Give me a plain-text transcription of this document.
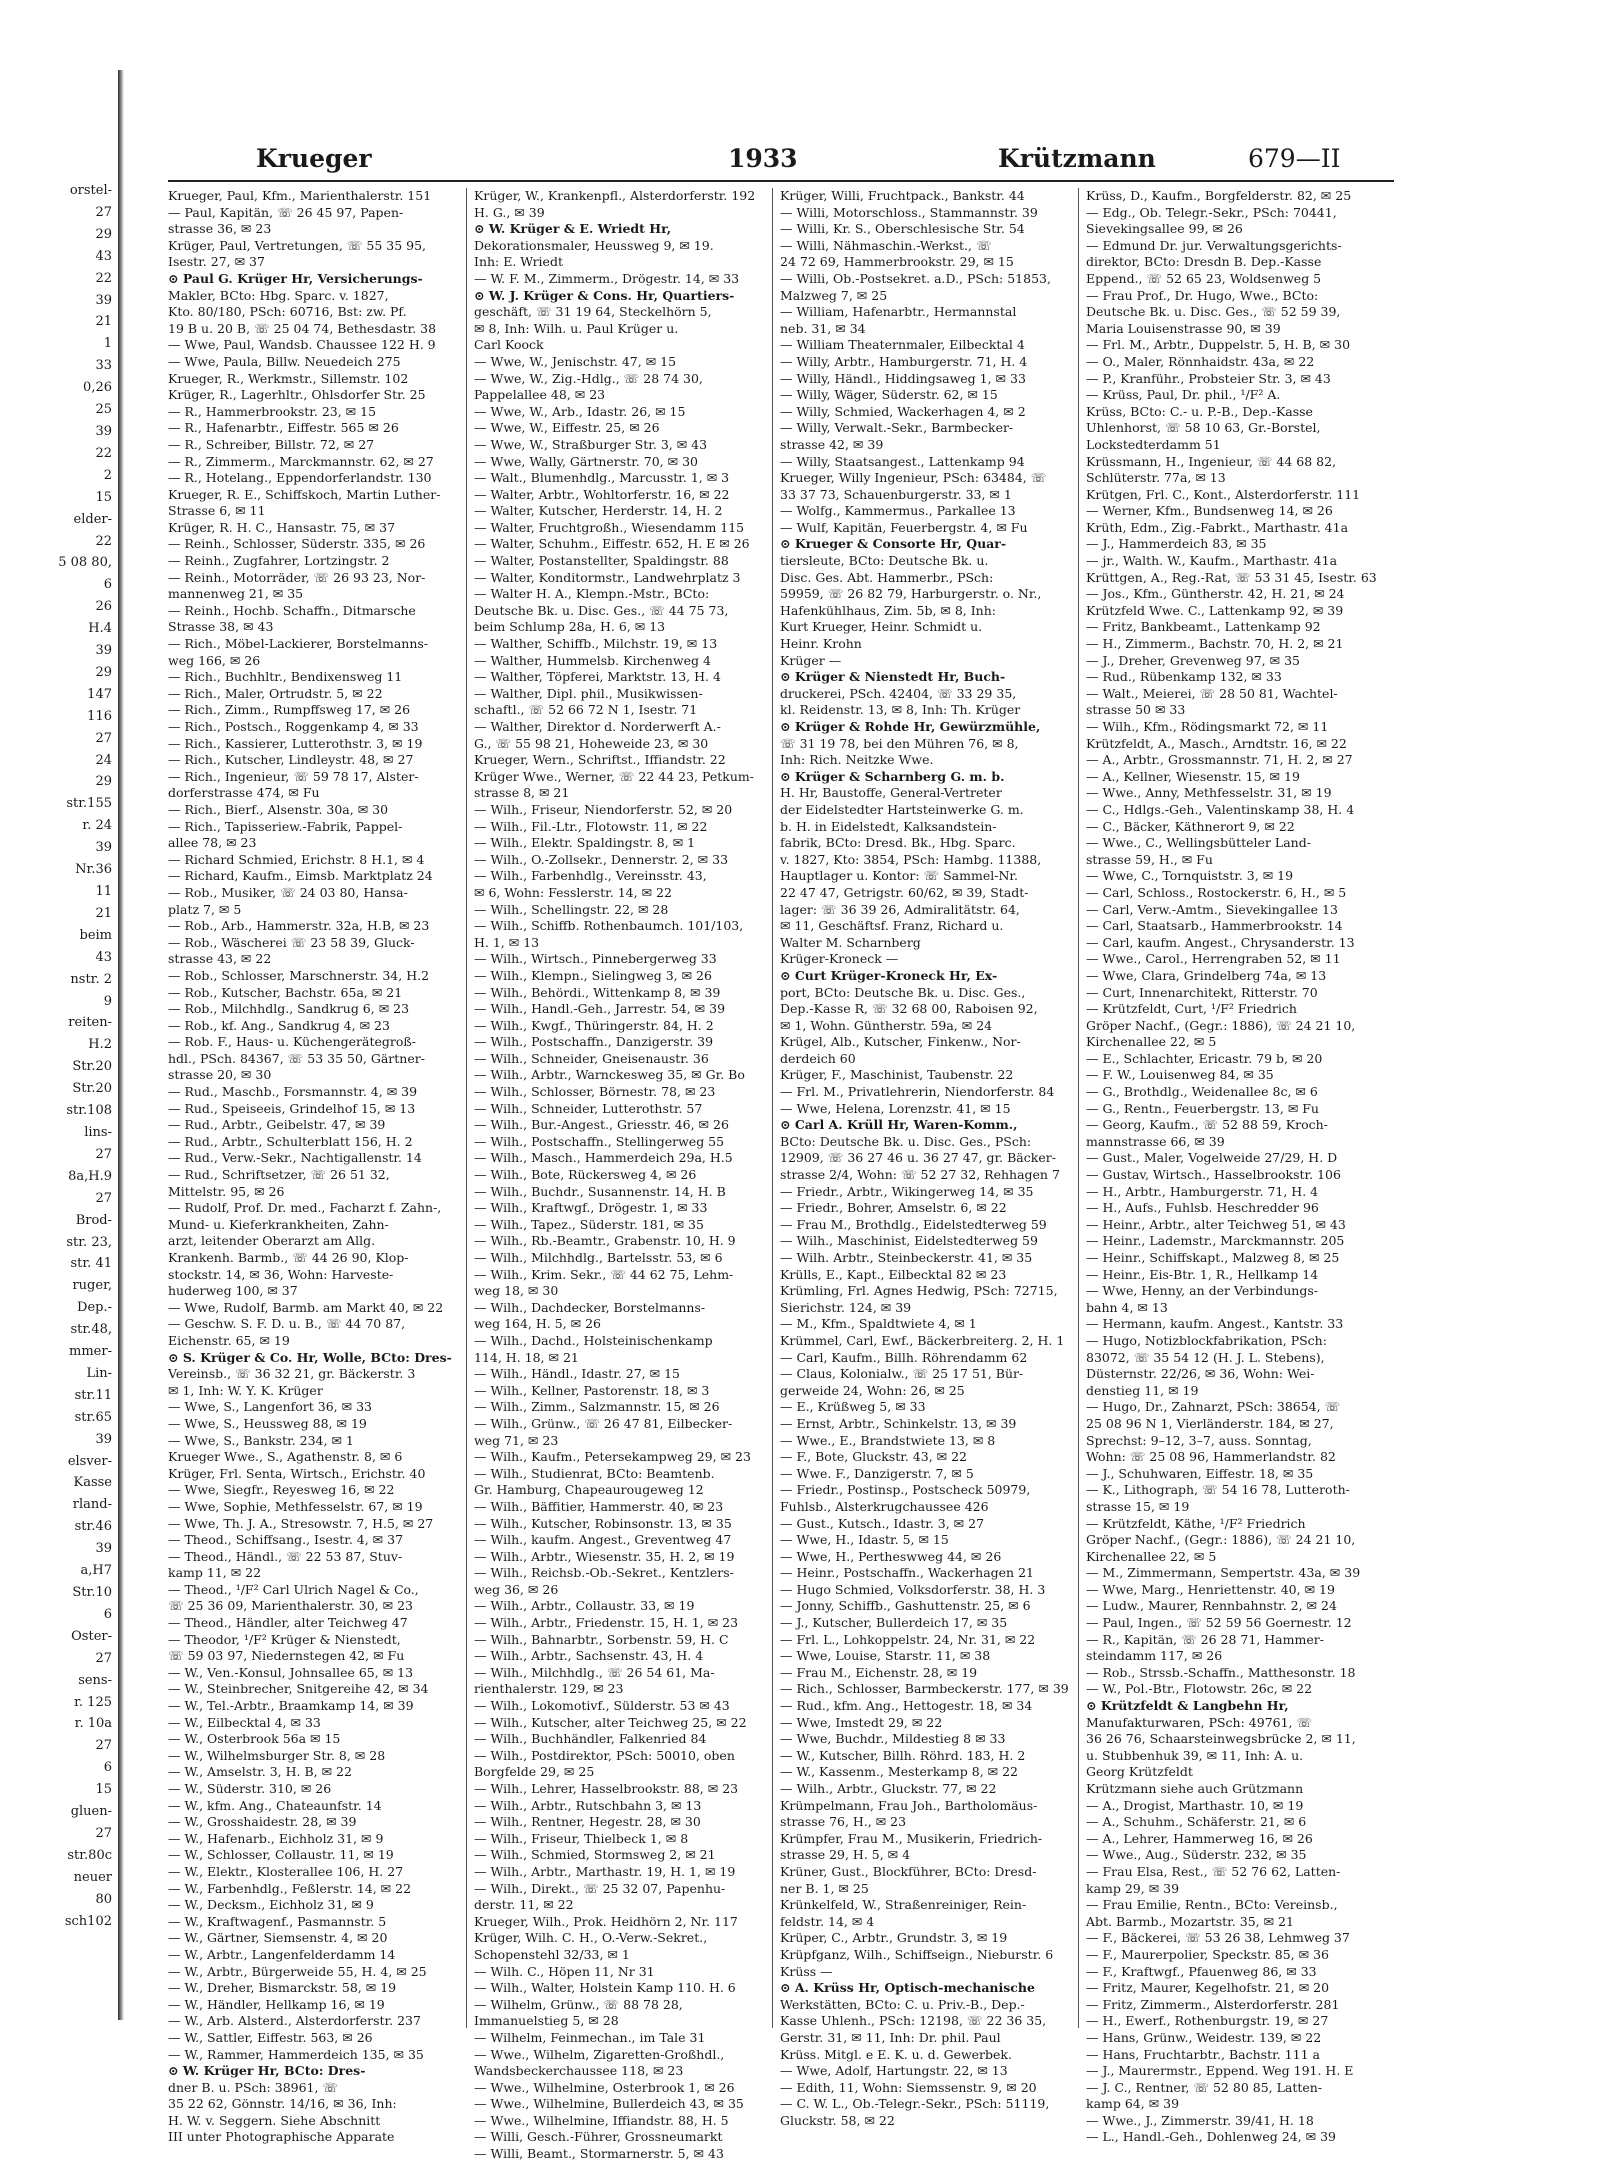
orstel-
27
29
43
22
39
21
1
33
0,26
25
39
22
2
15
elder-
22
5 08 80,
6
26
H.4
39
29
147
116
27
24
29
str.155
r. 24
39
Nr.36
11
21
beim
43
nstr. 2
9
reiten-
H.2
Str.20
Str.20
str.108
lins-
27
8a,H.9
27
Brod-
str. 23,
str. 41
ruger,
Dep.-
str.48,
mmer-
Lin-
str.11
str.65
39
elsver-
Kasse
rland-
str.46
39
a,H7
Str.10
6
Oster-
27
sens-
r. 125
r. 10a
27
6
15
gluen-
27
str.80c
neuer
80
sch102
Krueger	1933	Krützmann	679—II
Krueger, Paul, Kfm., Marienthalerstr. 151
— Paul, Kapitän, ☏ 26 45 97, Papen-
strasse 36, ✉ 23
Krüger, Paul, Vertretungen, ☏ 55 35 95,
Isestr. 27, ✉ 37
⊙ Paul G. Krüger Hr, Versicherungs-
Makler, BCto: Hbg. Sparc. v. 1827,
Kto. 80/180, PSch: 60716, Bst: zw. Pf.
19 B u. 20 B, ☏ 25 04 74, Bethesdastr. 38
— Wwe, Paul, Wandsb. Chaussee 122 H. 9
— Wwe, Paula, Billw. Neuedeich 275
Krueger, R., Werkmstr., Sillemstr. 102
Krüger, R., Lagerhltr., Ohlsdorfer Str. 25
— R., Hammerbrookstr. 23, ✉ 15
— R., Hafenarbtr., Eiffestr. 565 ✉ 26
— R., Schreiber, Billstr. 72, ✉ 27
— R., Zimmerm., Marckmannstr. 62, ✉ 27
— R., Hotelang., Eppendorferlandstr. 130
Krueger, R. E., Schiffskoch, Martin Luther-
Strasse 6, ✉ 11
Krüger, R. H. C., Hansastr. 75, ✉ 37
— Reinh., Schlosser, Süderstr. 335, ✉ 26
— Reinh., Zugfahrer, Lortzingstr. 2
— Reinh., Motorräder, ☏ 26 93 23, Nor-
mannenweg 21, ✉ 35
— Reinh., Hochb. Schaffn., Ditmarsche
Strasse 38, ✉ 43
— Rich., Möbel-Lackierer, Borstelmanns-
weg 166, ✉ 26
— Rich., Buchhltr., Bendixensweg 11
— Rich., Maler, Ortrudstr. 5, ✉ 22
— Rich., Zimm., Rumpffsweg 17, ✉ 26
— Rich., Postsch., Roggenkamp 4, ✉ 33
— Rich., Kassierer, Lutterothstr. 3, ✉ 19
— Rich., Kutscher, Lindleystr. 48, ✉ 27
— Rich., Ingenieur, ☏ 59 78 17, Alster-
dorferstrasse 474, ✉ Fu
— Rich., Bierf., Alsenstr. 30a, ✉ 30
— Rich., Tapisseriew.-Fabrik, Pappel-
allee 78, ✉ 23
— Richard Schmied, Erichstr. 8 H.1, ✉ 4
— Richard, Kaufm., Eimsb. Marktplatz 24
— Rob., Musiker, ☏ 24 03 80, Hansa-
platz 7, ✉ 5
— Rob., Arb., Hammerstr. 32a, H.B, ✉ 23
— Rob., Wäscherei ☏ 23 58 39, Gluck-
strasse 43, ✉ 22
— Rob., Schlosser, Marschnerstr. 34, H.2
— Rob., Kutscher, Bachstr. 65a, ✉ 21
— Rob., Milchhdlg., Sandkrug 6, ✉ 23
— Rob., kf. Ang., Sandkrug 4, ✉ 23
— Rob. F., Haus- u. Küchengerätegroß-
hdl., PSch. 84367, ☏ 53 35 50, Gärtner-
strasse 20, ✉ 30
— Rud., Maschb., Forsmannstr. 4, ✉ 39
— Rud., Speiseeis, Grindelhof 15, ✉ 13
— Rud., Arbtr., Geibelstr. 47, ✉ 39
— Rud., Arbtr., Schulterblatt 156, H. 2
— Rud., Verw.-Sekr., Nachtigallenstr. 14
— Rud., Schriftsetzer, ☏ 26 51 32,
Mittelstr. 95, ✉ 26
— Rudolf, Prof. Dr. med., Facharzt f. Zahn-,
Mund- u. Kieferkrankheiten, Zahn-
arzt, leitender Oberarzt am Allg.
Krankenh. Barmb., ☏ 44 26 90, Klop-
stockstr. 14, ✉ 36, Wohn: Harveste-
huderweg 100, ✉ 37
— Wwe, Rudolf, Barmb. am Markt 40, ✉ 22
— Geschw. S. F. D. u. B., ☏ 44 70 87,
Eichenstr. 65, ✉ 19
⊙ S. Krüger & Co. Hr, Wolle, BCto: Dres-
Vereinsb., ☏ 36 32 21, gr. Bäckerstr. 3
✉ 1, Inh: W. Y. K. Krüger
— Wwe, S., Langenfort 36, ✉ 33
— Wwe, S., Heussweg 88, ✉ 19
— Wwe, S., Bankstr. 234, ✉ 1
Krueger Wwe., S., Agathenstr. 8, ✉ 6
Krüger, Frl. Senta, Wirtsch., Erichstr. 40
— Wwe, Siegfr., Reyesweg 16, ✉ 22
— Wwe, Sophie, Methfesselstr. 67, ✉ 19
— Wwe, Th. J. A., Stresowstr. 7, H.5, ✉ 27
— Theod., Schiffsang., Isestr. 4, ✉ 37
— Theod., Händl., ☏ 22 53 87, Stuv-
kamp 11, ✉ 22
— Theod., ¹/F² Carl Ulrich Nagel & Co.,
☏ 25 36 09, Marienthalerstr. 30, ✉ 23
— Theod., Händler, alter Teichweg 47
— Theodor, ¹/F² Krüger & Nienstedt,
☏ 59 03 97, Niedernstegen 42, ✉ Fu
— W., Ven.-Konsul, Johnsallee 65, ✉ 13
— W., Steinbrecher, Snitgereihe 42, ✉ 34
— W., Tel.-Arbtr., Braamkamp 14, ✉ 39
— W., Eilbecktal 4, ✉ 33
— W., Osterbrook 56a ✉ 15
— W., Wilhelmsburger Str. 8, ✉ 28
— W., Amselstr. 3, H. B, ✉ 22
— W., Süderstr. 310, ✉ 26
— W., kfm. Ang., Chateaunfstr. 14
— W., Grosshaidestr. 28, ✉ 39
— W., Hafenarb., Eichholz 31, ✉ 9
— W., Schlosser, Collaustr. 11, ✉ 19
— W., Elektr., Klosterallee 106, H. 27
— W., Farbenhdlg., Feßlerstr. 14, ✉ 22
— W., Decksm., Eichholz 31, ✉ 9
— W., Kraftwagenf., Pasmannstr. 5
— W., Gärtner, Siemsenstr. 4, ✉ 20
— W., Arbtr., Langenfelderdamm 14
— W., Arbtr., Bürgerweide 55, H. 4, ✉ 25
— W., Dreher, Bismarckstr. 58, ✉ 19
— W., Händler, Hellkamp 16, ✉ 19
— W., Arb. Alsterd., Alsterdorferstr. 237
— W., Sattler, Eiffestr. 563, ✉ 26
— W., Rammer, Hammerdeich 135, ✉ 35
⊙ W. Krüger Hr, BCto: Dres-
dner B. u. PSch: 38961, ☏
35 22 62, Gönnstr. 14/16, ✉ 36, Inh:
H. W. v. Seggern. Siehe Abschnitt
III unter Photographische Apparate
Krüger, W., Krankenpfl., Alsterdorferstr. 192
H. G., ✉ 39
⊙ W. Krüger & E. Wriedt Hr,
Dekorationsmaler, Heussweg 9, ✉ 19.
Inh: E. Wriedt
— W. F. M., Zimmerm., Drögestr. 14, ✉ 33
⊙ W. J. Krüger & Cons. Hr, Quartiers-
geschäft, ☏ 31 19 64, Steckelhörn 5,
✉ 8, Inh: Wilh. u. Paul Krüger u.
Carl Koock
— Wwe, W., Jenischstr. 47, ✉ 15
— Wwe, W., Zig.-Hdlg., ☏ 28 74 30,
Pappelallee 48, ✉ 23
— Wwe, W., Arb., Idastr. 26, ✉ 15
— Wwe, W., Eiffestr. 25, ✉ 26
— Wwe, W., Straßburger Str. 3, ✉ 43
— Wwe, Wally, Gärtnerstr. 70, ✉ 30
— Walt., Blumenhdlg., Marcusstr. 1, ✉ 3
— Walter, Arbtr., Wohltorferstr. 16, ✉ 22
— Walter, Kutscher, Herderstr. 14, H. 2
— Walter, Fruchtgroßh., Wiesendamm 115
— Walter, Schuhm., Eiffestr. 652, H. E ✉ 26
— Walter, Postanstellter, Spaldingstr. 88
— Walter, Konditormstr., Landwehrplatz 3
— Walter H. A., Klempn.-Mstr., BCto:
Deutsche Bk. u. Disc. Ges., ☏ 44 75 73,
beim Schlump 28a, H. 6, ✉ 13
— Walther, Schiffb., Milchstr. 19, ✉ 13
— Walther, Hummelsb. Kirchenweg 4
— Walther, Töpferei, Marktstr. 13, H. 4
— Walther, Dipl. phil., Musikwissen-
schaftl., ☏ 52 66 72 N 1, Isestr. 71
— Walther, Direktor d. Norderwerft A.-
G., ☏ 55 98 21, Hoheweide 23, ✉ 30
Krueger, Wern., Schriftst., Iffiandstr. 22
Krüger Wwe., Werner, ☏ 22 44 23, Petkum-
strasse 8, ✉ 21
— Wilh., Friseur, Niendorferstr. 52, ✉ 20
— Wilh., Fil.-Ltr., Flotowstr. 11, ✉ 22
— Wilh., Elektr. Spaldingstr. 8, ✉ 1
— Wilh., O.-Zollsekr., Dennerstr. 2, ✉ 33
— Wilh., Farbenhdlg., Vereinsstr. 43,
✉ 6, Wohn: Fesslerstr. 14, ✉ 22
— Wilh., Schellingstr. 22, ✉ 28
— Wilh., Schiffb. Rothenbaumch. 101/103,
H. 1, ✉ 13
— Wilh., Wirtsch., Pinnebergerweg 33
— Wilh., Klempn., Sielingweg 3, ✉ 26
— Wilh., Behördi., Wittenkamp 8, ✉ 39
— Wilh., Handl.-Geh., Jarrestr. 54, ✉ 39
— Wilh., Kwgf., Thüringerstr. 84, H. 2
— Wilh., Postschaffn., Danzigerstr. 39
— Wilh., Schneider, Gneisenaustr. 36
— Wilh., Arbtr., Warnckesweg 35, ✉ Gr. Bo
— Wilh., Schlosser, Börnestr. 78, ✉ 23
— Wilh., Schneider, Lutterothstr. 57
— Wilh., Bur.-Angest., Griesstr. 46, ✉ 26
— Wilh., Postschaffn., Stellingerweg 55
— Wilh., Masch., Hammerdeich 29a, H.5
— Wilh., Bote, Rückersweg 4, ✉ 26
— Wilh., Buchdr., Susannenstr. 14, H. B
— Wilh., Kraftwgf., Drögestr. 1, ✉ 33
— Wilh., Tapez., Süderstr. 181, ✉ 35
— Wilh., Rb.-Beamtr., Grabenstr. 10, H. 9
— Wilh., Milchhdlg., Bartelsstr. 53, ✉ 6
— Wilh., Krim. Sekr., ☏ 44 62 75, Lehm-
weg 18, ✉ 30
— Wilh., Dachdecker, Borstelmanns-
weg 164, H. 5, ✉ 26
— Wilh., Dachd., Holsteinischenkamp
114, H. 18, ✉ 21
— Wilh., Händl., Idastr. 27, ✉ 15
— Wilh., Kellner, Pastorenstr. 18, ✉ 3
— Wilh., Zimm., Salzmannstr. 15, ✉ 26
— Wilh., Grünw., ☏ 26 47 81, Eilbecker-
weg 71, ✉ 23
— Wilh., Kaufm., Petersekampweg 29, ✉ 23
— Wilh., Studienrat, BCto: Beamtenb.
Gr. Hamburg, Chapeaurougeweg 12
— Wilh., Bäffitier, Hammerstr. 40, ✉ 23
— Wilh., Kutscher, Robinsonstr. 13, ✉ 35
— Wilh., kaufm. Angest., Greventweg 47
— Wilh., Arbtr., Wiesenstr. 35, H. 2, ✉ 19
— Wilh., Reichsb.-Ob.-Sekret., Kentzlers-
weg 36, ✉ 26
— Wilh., Arbtr., Collaustr. 33, ✉ 19
— Wilh., Arbtr., Friedenstr. 15, H. 1, ✉ 23
— Wilh., Bahnarbtr., Sorbenstr. 59, H. C
— Wilh., Arbtr., Sachsenstr. 43, H. 4
— Wilh., Milchhdlg., ☏ 26 54 61, Ma-
rienthalerstr. 129, ✉ 23
— Wilh., Lokomotivf., Sülderstr. 53 ✉ 43
— Wilh., Kutscher, alter Teichweg 25, ✉ 22
— Wilh., Buchhändler, Falkenried 84
— Wilh., Postdirektor, PSch: 50010, oben
Borgfelde 29, ✉ 25
— Wilh., Lehrer, Hasselbrookstr. 88, ✉ 23
— Wilh., Arbtr., Rutschbahn 3, ✉ 13
— Wilh., Rentner, Hegestr. 28, ✉ 30
— Wilh., Friseur, Thielbeck 1, ✉ 8
— Wilh., Schmied, Stormsweg 2, ✉ 21
— Wilh., Arbtr., Marthastr. 19, H. 1, ✉ 19
— Wilh., Direkt., ☏ 25 32 07, Papenhu-
derstr. 11, ✉ 22
Krueger, Wilh., Prok. Heidhörn 2, Nr. 117
Krüger, Wilh. C. H., O.-Verw.-Sekret.,
Schopenstehl 32/33, ✉ 1
— Wilh. C., Höpen 11, Nr 31
— Wilh., Walter, Holstein Kamp 110. H. 6
— Wilhelm, Grünw., ☏ 88 78 28,
Immanuelstieg 5, ✉ 28
— Wilhelm, Feinmechan., im Tale 31
— Wwe., Wilhelm, Zigaretten-Großhdl.,
Wandsbeckerchaussee 118, ✉ 23
— Wwe., Wilhelmine, Osterbrook 1, ✉ 26
— Wwe., Wilhelmine, Bullerdeich 43, ✉ 35
— Wwe., Wilhelmine, Iffiandstr. 88, H. 5
— Willi, Gesch.-Führer, Grossneumarkt
— Willi, Beamt., Stormarnerstr. 5, ✉ 43
Krüger, Willi, Fruchtpack., Bankstr. 44
— Willi, Motorschloss., Stammannstr. 39
— Willi, Kr. S., Oberschlesische Str. 54
— Willi, Nähmaschin.-Werkst., ☏
24 72 69, Hammerbrookstr. 29, ✉ 15
— Willi, Ob.-Postsekret. a.D., PSch: 51853,
Malzweg 7, ✉ 25
— William, Hafenarbtr., Hermannstal
neb. 31, ✉ 34
— William Theaternmaler, Eilbecktal 4
— Willy, Arbtr., Hamburgerstr. 71, H. 4
— Willy, Händl., Hiddingsaweg 1, ✉ 33
— Willy, Wäger, Süderstr. 62, ✉ 15
— Willy, Schmied, Wackerhagen 4, ✉ 2
— Willy, Verwalt.-Sekr., Barmbecker-
strasse 42, ✉ 39
— Willy, Staatsangest., Lattenkamp 94
Krueger, Willy Ingenieur, PSch: 63484, ☏
33 37 73, Schauenburgerstr. 33, ✉ 1
— Wolfg., Kammermus., Parkallee 13
— Wulf, Kapitän, Feuerbergstr. 4, ✉ Fu
⊙ Krueger & Consorte Hr, Quar-
tiersleute, BCto: Deutsche Bk. u.
Disc. Ges. Abt. Hammerbr., PSch:
59959, ☏ 26 82 79, Harburgerstr. o. Nr.,
Hafenkühlhaus, Zim. 5b, ✉ 8, Inh:
Kurt Krueger, Heinr. Schmidt u.
Heinr. Krohn
Krüger —
⊙ Krüger & Nienstedt Hr, Buch-
druckerei, PSch. 42404, ☏ 33 29 35,
kl. Reidenstr. 13, ✉ 8, Inh: Th. Krüger
⊙ Krüger & Rohde Hr, Gewürzmühle,
☏ 31 19 78, bei den Mühren 76, ✉ 8,
Inh: Rich. Neitzke Wwe.
⊙ Krüger & Scharnberg G. m. b.
H. Hr, Baustoffe, General-Vertreter
der Eidelstedter Hartsteinwerke G. m.
b. H. in Eidelstedt, Kalksandstein-
fabrik, BCto: Dresd. Bk., Hbg. Sparc.
v. 1827, Kto: 3854, PSch: Hambg. 11388,
Hauptlager u. Kontor: ☏ Sammel-Nr.
22 47 47, Getrigstr. 60/62, ✉ 39, Stadt-
lager: ☏ 36 39 26, Admiralitätstr. 64,
✉ 11, Geschäftsf. Franz, Richard u.
Walter M. Scharnberg
Krüger-Kroneck —
⊙ Curt Krüger-Kroneck Hr, Ex-
port, BCto: Deutsche Bk. u. Disc. Ges.,
Dep.-Kasse R, ☏ 32 68 00, Raboisen 92,
✉ 1, Wohn. Güntherstr. 59a, ✉ 24
Krügel, Alb., Kutscher, Finkenw., Nor-
derdeich 60
Krüger, F., Maschinist, Taubenstr. 22
— Frl. M., Privatlehrerin, Niendorferstr. 84
— Wwe, Helena, Lorenzstr. 41, ✉ 15
⊙ Carl A. Krüll Hr, Waren-Komm.,
BCto: Deutsche Bk. u. Disc. Ges., PSch:
12909, ☏ 36 27 46 u. 36 27 47, gr. Bäcker-
strasse 2/4, Wohn: ☏ 52 27 32, Rehhagen 7
— Friedr., Arbtr., Wikingerweg 14, ✉ 35
— Friedr., Bohrer, Amselstr. 6, ✉ 22
— Frau M., Brothdlg., Eidelstedterweg 59
— Wilh., Maschinist, Eidelstedterweg 59
— Wilh. Arbtr., Steinbeckerstr. 41, ✉ 35
Krülls, E., Kapt., Eilbecktal 82 ✉ 23
Krümling, Frl. Agnes Hedwig, PSch: 72715,
Sierichstr. 124, ✉ 39
— M., Kfm., Spaldtwiete 4, ✉ 1
Krümmel, Carl, Ewf., Bäckerbreiterg. 2, H. 1
— Carl, Kaufm., Billh. Röhrendamm 62
— Claus, Kolonialw., ☏ 25 17 51, Bür-
gerweide 24, Wohn: 26, ✉ 25
— E., Krüßweg 5, ✉ 33
— Ernst, Arbtr., Schinkelstr. 13, ✉ 39
— Wwe., E., Brandstwiete 13, ✉ 8
— F., Bote, Gluckstr. 43, ✉ 22
— Wwe. F., Danzigerstr. 7, ✉ 5
— Friedr., Postinsp., Postscheck 50979,
Fuhlsb., Alsterkrugchaussee 426
— Gust., Kutsch., Idastr. 3, ✉ 27
— Wwe, H., Idastr. 5, ✉ 15
— Wwe, H., Pertheswweg 44, ✉ 26
— Heinr., Postschaffn., Wackerhagen 21
— Hugo Schmied, Volksdorferstr. 38, H. 3
— Jonny, Schiffb., Gashuttenstr. 25, ✉ 6
— J., Kutscher, Bullerdeich 17, ✉ 35
— Frl. L., Lohkoppelstr. 24, Nr. 31, ✉ 22
— Wwe, Louise, Starstr. 11, ✉ 38
— Frau M., Eichenstr. 28, ✉ 19
— Rich., Schlosser, Barmbeckerstr. 177, ✉ 39
— Rud., kfm. Ang., Hettogestr. 18, ✉ 34
— Wwe, Imstedt 29, ✉ 22
— Wwe, Buchdr., Mildestieg 8 ✉ 33
— W., Kutscher, Billh. Röhrd. 183, H. 2
— W., Kassenm., Mesterkamp 8, ✉ 22
— Wilh., Arbtr., Gluckstr. 77, ✉ 22
Krümpelmann, Frau Joh., Bartholomäus-
strasse 76, H., ✉ 23
Krümpfer, Frau M., Musikerin, Friedrich-
strasse 29, H. 5, ✉ 4
Krüner, Gust., Blockführer, BCto: Dresd-
ner B. 1, ✉ 25
Krünkelfeld, W., Straßenreiniger, Rein-
feldstr. 14, ✉ 4
Krüper, C., Arbtr., Grundstr. 3, ✉ 19
Krüpfganz, Wilh., Schiffseign., Nieburstr. 6
Krüss —
⊙ A. Krüss Hr, Optisch-mechanische
Werkstätten, BCto: C. u. Priv.-B., Dep.-
Kasse Uhlenh., PSch: 12198, ☏ 22 36 35,
Gerstr. 31, ✉ 11, Inh: Dr. phil. Paul
Krüss. Mitgl. e E. K. u. d. Gewerbek.
— Wwe, Adolf, Hartungstr. 22, ✉ 13
— Edith, 11, Wohn: Siemssenstr. 9, ✉ 20
— C. W. L., Ob.-Telegr.-Sekr., PSch: 51119,
Gluckstr. 58, ✉ 22
Krüss, D., Kaufm., Borgfelderstr. 82, ✉ 25
— Edg., Ob. Telegr.-Sekr., PSch: 70441,
Sievekingsallee 99, ✉ 26
— Edmund Dr. jur. Verwaltungsgerichts-
direktor, BCto: Dresdn B. Dep.-Kasse
Eppend., ☏ 52 65 23, Woldsenweg 5
— Frau Prof., Dr. Hugo, Wwe., BCto:
Deutsche Bk. u. Disc. Ges., ☏ 52 59 39,
Maria Louisenstrasse 90, ✉ 39
— Frl. M., Arbtr., Duppelstr. 5, H. B, ✉ 30
— O., Maler, Rönnhaidstr. 43a, ✉ 22
— P., Kranführ., Probsteier Str. 3, ✉ 43
— Krüss, Paul, Dr. phil., ¹/F² A.
Krüss, BCto: C.- u. P.-B., Dep.-Kasse
Uhlenhorst, ☏ 58 10 63, Gr.-Borstel,
Lockstedterdamm 51
Krüssmann, H., Ingenieur, ☏ 44 68 82,
Schlüterstr. 77a, ✉ 13
Krütgen, Frl. C., Kont., Alsterdorferstr. 111
— Werner, Kfm., Bundsenweg 14, ✉ 26
Krüth, Edm., Zig.-Fabrkt., Marthastr. 41a
— J., Hammerdeich 83, ✉ 35
— jr., Walth. W., Kaufm., Marthastr. 41a
Krüttgen, A., Reg.-Rat, ☏ 53 31 45, Isestr. 63
— Jos., Kfm., Güntherstr. 42, H. 21, ✉ 24
Krützfeld Wwe. C., Lattenkamp 92, ✉ 39
— Fritz, Bankbeamt., Lattenkamp 92
— H., Zimmerm., Bachstr. 70, H. 2, ✉ 21
— J., Dreher, Grevenweg 97, ✉ 35
— Rud., Rübenkamp 132, ✉ 33
— Walt., Meierei, ☏ 28 50 81, Wachtel-
strasse 50 ✉ 33
— Wilh., Kfm., Rödingsmarkt 72, ✉ 11
Krützfeldt, A., Masch., Arndtstr. 16, ✉ 22
— A., Arbtr., Grossmannstr. 71, H. 2, ✉ 27
— A., Kellner, Wiesenstr. 15, ✉ 19
— Wwe., Anny, Methfesselstr. 31, ✉ 19
— C., Hdlgs.-Geh., Valentinskamp 38, H. 4
— C., Bäcker, Käthnerort 9, ✉ 22
— Wwe., C., Wellingsbütteler Land-
strasse 59, H., ✉ Fu
— Wwe, C., Tornquiststr. 3, ✉ 19
— Carl, Schloss., Rostockerstr. 6, H., ✉ 5
— Carl, Verw.-Amtm., Sievekingallee 13
— Carl, Staatsarb., Hammerbrookstr. 14
— Carl, kaufm. Angest., Chrysanderstr. 13
— Wwe., Carol., Herrengraben 52, ✉ 11
— Wwe, Clara, Grindelberg 74a, ✉ 13
— Curt, Innenarchitekt, Ritterstr. 70
— Krützfeldt, Curt, ¹/F² Friedrich
Gröper Nachf., (Gegr.: 1886), ☏ 24 21 10,
Kirchenallee 22, ✉ 5
— E., Schlachter, Ericastr. 79 b, ✉ 20
— F. W., Louisenweg 84, ✉ 35
— G., Brothdlg., Weidenallee 8c, ✉ 6
— G., Rentn., Feuerbergstr. 13, ✉ Fu
— Georg, Kaufm., ☏ 52 88 59, Kroch-
mannstrasse 66, ✉ 39
— Gust., Maler, Vogelweide 27/29, H. D
— Gustav, Wirtsch., Hasselbrookstr. 106
— H., Arbtr., Hamburgerstr. 71, H. 4
— H., Aufs., Fuhlsb. Heschredder 96
— Heinr., Arbtr., alter Teichweg 51, ✉ 43
— Heinr., Lademstr., Marckmannstr. 205
— Heinr., Schiffskapt., Malzweg 8, ✉ 25
— Heinr., Eis-Btr. 1, R., Hellkamp 14
— Wwe, Henny, an der Verbindungs-
bahn 4, ✉ 13
— Hermann, kaufm. Angest., Kantstr. 33
— Hugo, Notizblockfabrikation, PSch:
83072, ☏ 35 54 12 (H. J. L. Stebens),
Düsternstr. 22/26, ✉ 36, Wohn: Wei-
denstieg 11, ✉ 19
— Hugo, Dr., Zahnarzt, PSch: 38654, ☏
25 08 96 N 1, Vierländerstr. 184, ✉ 27,
Sprechst: 9–12, 3–7, auss. Sonntag,
Wohn: ☏ 25 08 96, Hammerlandstr. 82
— J., Schuhwaren, Eiffestr. 18, ✉ 35
— K., Lithograph, ☏ 54 16 78, Lutteroth-
strasse 15, ✉ 19
— Krützfeldt, Käthe, ¹/F² Friedrich
Gröper Nachf., (Gegr.: 1886), ☏ 24 21 10,
Kirchenallee 22, ✉ 5
— M., Zimmermann, Sempertstr. 43a, ✉ 39
— Wwe, Marg., Henriettenstr. 40, ✉ 19
— Ludw., Maurer, Rennbahnstr. 2, ✉ 24
— Paul, Ingen., ☏ 52 59 56 Goernestr. 12
— R., Kapitän, ☏ 26 28 71, Hammer-
steindamm 117, ✉ 26
— Rob., Strssb.-Schaffn., Matthesonstr. 18
— W., Pol.-Btr., Flotowstr. 26c, ✉ 22
⊙ Krützfeldt & Langbehn Hr,
Manufakturwaren, PSch: 49761, ☏
36 26 76, Schaarsteinwegsbrücke 2, ✉ 11,
u. Stubbenhuk 39, ✉ 11, Inh: A. u.
Georg Krützfeldt
Krützmann siehe auch Grützmann
— A., Drogist, Marthastr. 10, ✉ 19
— A., Schuhm., Schäferstr. 21, ✉ 6
— A., Lehrer, Hammerweg 16, ✉ 26
— Wwe., Aug., Süderstr. 232, ✉ 35
— Frau Elsa, Rest., ☏ 52 76 62, Latten-
kamp 29, ✉ 39
— Frau Emilie, Rentn., BCto: Vereinsb.,
Abt. Barmb., Mozartstr. 35, ✉ 21
— F., Bäckerei, ☏ 53 26 38, Lehmweg 37
— F., Maurerpolier, Speckstr. 85, ✉ 36
— F., Kraftwgf., Pfauenweg 86, ✉ 33
— Fritz, Maurer, Kegelhofstr. 21, ✉ 20
— Fritz, Zimmerm., Alsterdorferstr. 281
— H., Ewerf., Rothenburgstr. 19, ✉ 27
— Hans, Grünw., Weidestr. 139, ✉ 22
— Hans, Fruchtarbtr., Bachstr. 111 a
— J., Maurermstr., Eppend. Weg 191. H. E
— J. C., Rentner, ☏ 52 80 85, Latten-
kamp 64, ✉ 39
— Wwe., J., Zimmerstr. 39/41, H. 18
— L., Handl.-Geh., Dohlenweg 24, ✉ 39
